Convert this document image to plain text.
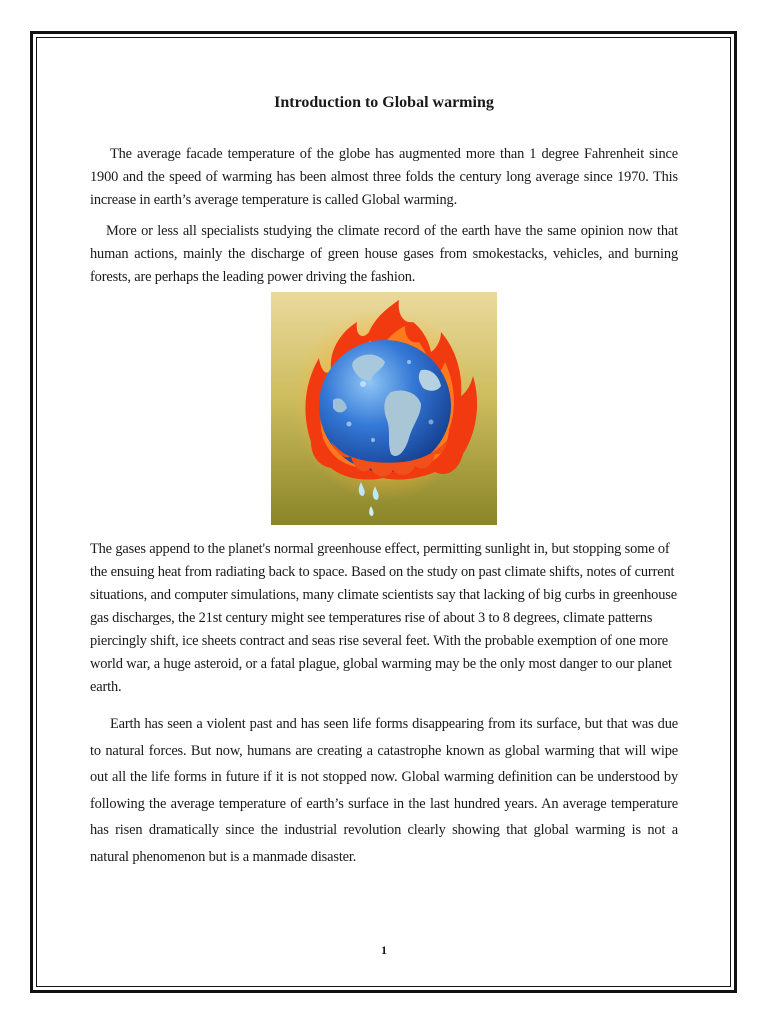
Introduction to Global warming

The average facade temperature of the globe has augmented more than 1 degree Fahrenheit since 1900 and the speed of warming has been almost three folds the century long average since 1970. This increase in earth’s average temperature is called Global warming.

More or less all specialists studying the climate record of the earth have the same opinion now that human actions, mainly the discharge of green house gases from smokestacks, vehicles, and burning forests, are perhaps the leading power driving the fashion.

The gases append to the planet's normal greenhouse effect, permitting sunlight in, but stopping some of the ensuing heat from radiating back to space. Based on the study on past climate shifts, notes of current situations, and computer simulations, many climate scientists say that lacking of big curbs in greenhouse gas discharges, the 21st century might see temperatures rise of about 3 to 8 degrees, climate patterns piercingly shift, ice sheets contract and seas rise several feet. With the probable exemption of one more world war, a huge asteroid, or a fatal plague, global warming may be the only most danger to our planet earth.

Earth has seen a violent past and has seen life forms disappearing from its surface, but that was due to natural forces. But now, humans are creating a catastrophe known as global warming that will wipe out all the life forms in future if it is not stopped now. Global warming definition can be understood by following the average temperature of earth’s surface in the last hundred years. An average temperature has risen dramatically since the industrial revolution clearly showing that global warming is not a natural phenomenon but is a manmade disaster.

1
